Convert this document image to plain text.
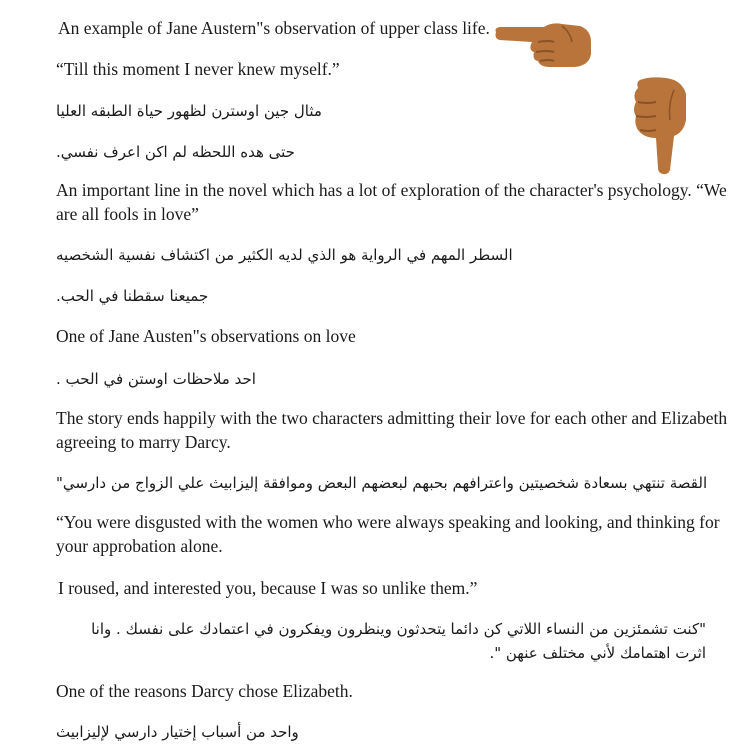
An example of Jane Austern"s observation of upper class life.
“Till this moment I never knew myself.”
مثال جين اوسترن لظهور حياة الطبقه العليا
حتى هده اللحظه لم اكن اعرف نفسي.
An important line in the novel which has a lot of exploration of the character's psychology. “We are all fools in love”
السطر المهم في الرواية هو الذي لديه الكثير من اكتشاف نفسية الشخصيه
جميعنا سقطنا في الحب.
One of Jane Austen"s observations on love
احد ملاحظات اوستن في الحب .
The story ends happily with the two characters admitting their love for each other and Elizabeth agreeing to marry Darcy.
القصة تنتهي بسعادة شخصيتين واعترافهم بحبهم لبعضهم البعض وموافقة إليزابيث علي الزواج من دارسي"
“You were disgusted with the women who were always speaking and looking, and thinking for your approbation alone.
I roused, and interested you, because I was so unlike them.”
"كنت تشمئزين من النساء اللاتي كن دائما يتحدثون وينظرون ويفكرون في اعتمادك على نفسك . وانا اثرت اهتمامك لأني مختلف عنهن ".
One of the reasons Darcy chose Elizabeth.
واحد من أسباب إختيار دارسي لإليزابيث
